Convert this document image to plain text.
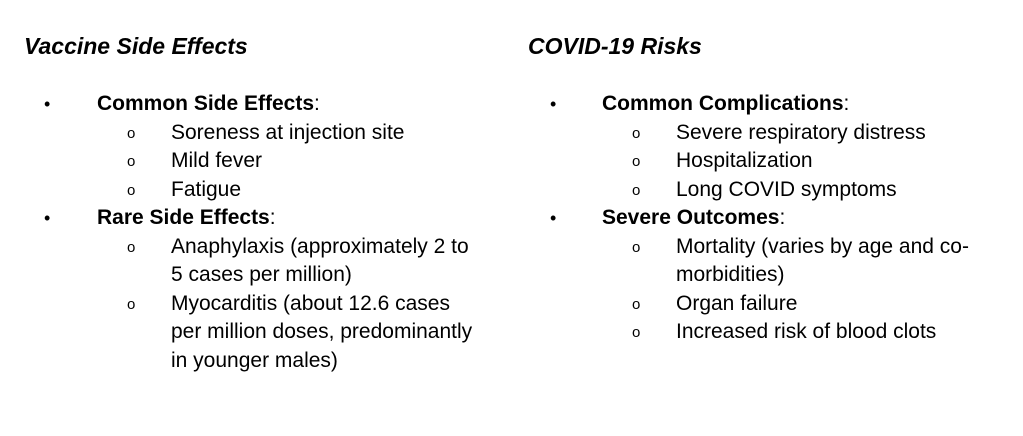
Vaccine Side Effects
•	Common Side Effects:
o Soreness at injection site
o Mild fever
o Fatigue
•	Rare Side Effects:
o Anaphylaxis (approximately 2 to 5 cases per million)
o Myocarditis (about 12.6 cases per million doses, predominantly in younger males)
COVID-19 Risks
•	Common Complications:
o Severe respiratory distress
o Hospitalization
o Long COVID symptoms
•	Severe Outcomes:
o Mortality (varies by age and co-morbidities)
o Organ failure
o Increased risk of blood clots
